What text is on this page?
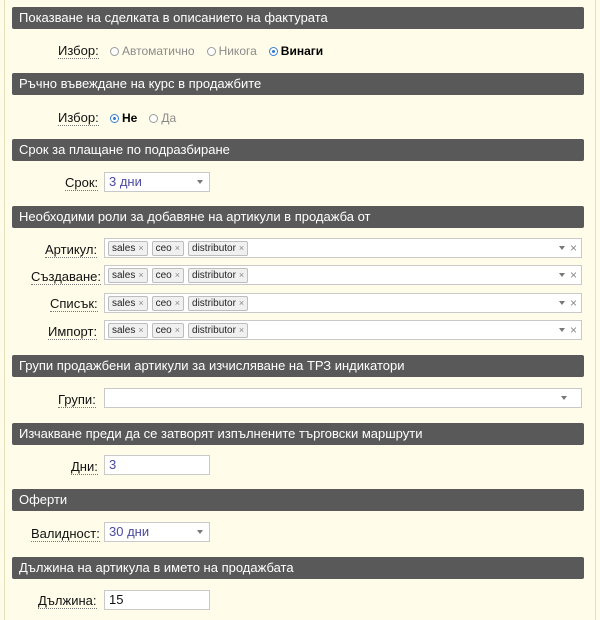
Показване на сделката в описанието на фактурата
Избор: Автоматично Никога Винаги
Ръчно въвеждане на курс в продажбите
Избор: Не Да
Срок за плащане по подразбиране
Срок: 3 дни
Необходими роли за добавяне на артикули в продажба от
Артикул: sales × ceo × distributor ×	×
Създаване: sales × ceo × distributor ×	×
Списък: sales × ceo × distributor ×	×
Импорт: sales × ceo × distributor ×	×
Групи продажбени артикули за изчисляване на ТРЗ индикатори
Групи:
Изчакване преди да се затворят изпълнените търговски маршрути
Дни: 3
Оферти
Валидност: 30 дни
Дължина на артикула в името на продажбата
Дължина: 15
